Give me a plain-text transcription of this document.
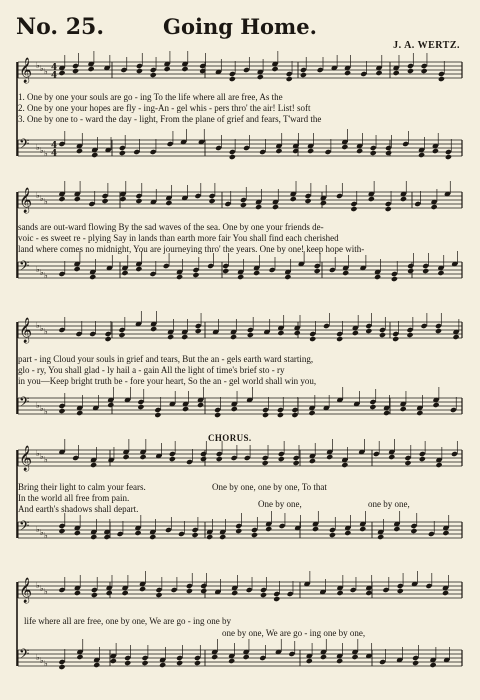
No. 25.	Going Home.
J. A. WERTZ.
𝄞 ♭ ♭ ♭ 4
4
𝄢 ♭ ♭ ♭
4
4
𝄞 ♭ ♭ ♭
𝄢 ♭ ♭ ♭
𝄞 ♭ ♭ ♭
𝄢 ♭ ♭ ♭
𝄞 ♭ ♭ ♭
𝄢 ♭ ♭ ♭
𝄞 ♭ ♭ ♭
𝄢 ♭ ♭ ♭
1. One by one your souls are go - ing To the life where all are free, As the
2. One by one your hopes are fly - ing-An - gel whis - pers thro' the air! List! soft
3. One by one to - ward the day - light, From the plane of grief and fears, T'ward the
sands are out-ward flowing By the sad waves of the sea. One by one your friends de-
voic - es sweet re - plying Say in lands than earth more fair You shall find each cherished
land where comes no midnight, You are journeying thro' the years. One by one! keep hope with-
part - ing Cloud your souls in grief and tears, But the an - gels earth ward starting,
glo - ry, You shall glad - ly hail a - gain All the light of time's brief sto - ry
in you—Keep bright truth be - fore your heart, So the an - gel world shall win you,
CHORUS.
Bring their light to calm your fears.
In the world all free from pain.
And earth's shadows shall depart.
One by one, one by one, To that
One by one,	one by one,
life where all are free, one by one, We are go - ing one by
one by one, We are go - ing one by one,
